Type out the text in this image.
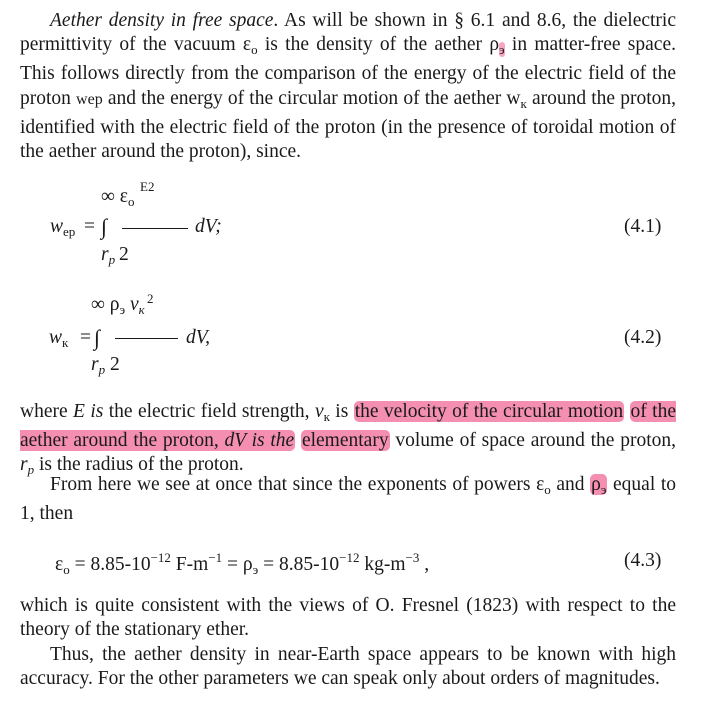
Aether density in free space. As will be shown in § 6.1 and 8.6, the dielectric permittivity of the vacuum $\varepsilon_o$ is the density of the aether $\rho_э$ in matter-free space. This follows directly from the comparison of the energy of the electric field of the proton wep and the energy of the circular motion of the aether $w_к$ around the proton, identified with the electric field of the proton (in the presence of toroidal motion of the aether around the proton), since.

∞ $\varepsilon_o$
E2
$w_{ep}$ = ∫	dV;
$r_p$ 2
(4.1)
∞ $\rho_э$ $v_к$
2
$w_к$ = ∫	dV,
$r_p$ 2
(4.2)

where E is the electric field strength, $v_к$ is the velocity of the circular motion of the aether around the proton, dV is the elementary volume of space around the proton, $r_p$ is the radius of the proton.

From here we see at once that since the exponents of powers $\varepsilon_o$ and $\rho_э$ equal to 1, then

$\varepsilon_o = 8.85-10^{-12}$ $F-m^{-1} = \rho_э = 8.85-10^{-12}$ $kg-m^{-3}$ ,	(4.3)

which is quite consistent with the views of O. Fresnel (1823) with respect to the theory of the stationary ether.

Thus, the aether density in near-Earth space appears to be known with high accuracy. For the other parameters we can speak only about orders of magnitudes.
